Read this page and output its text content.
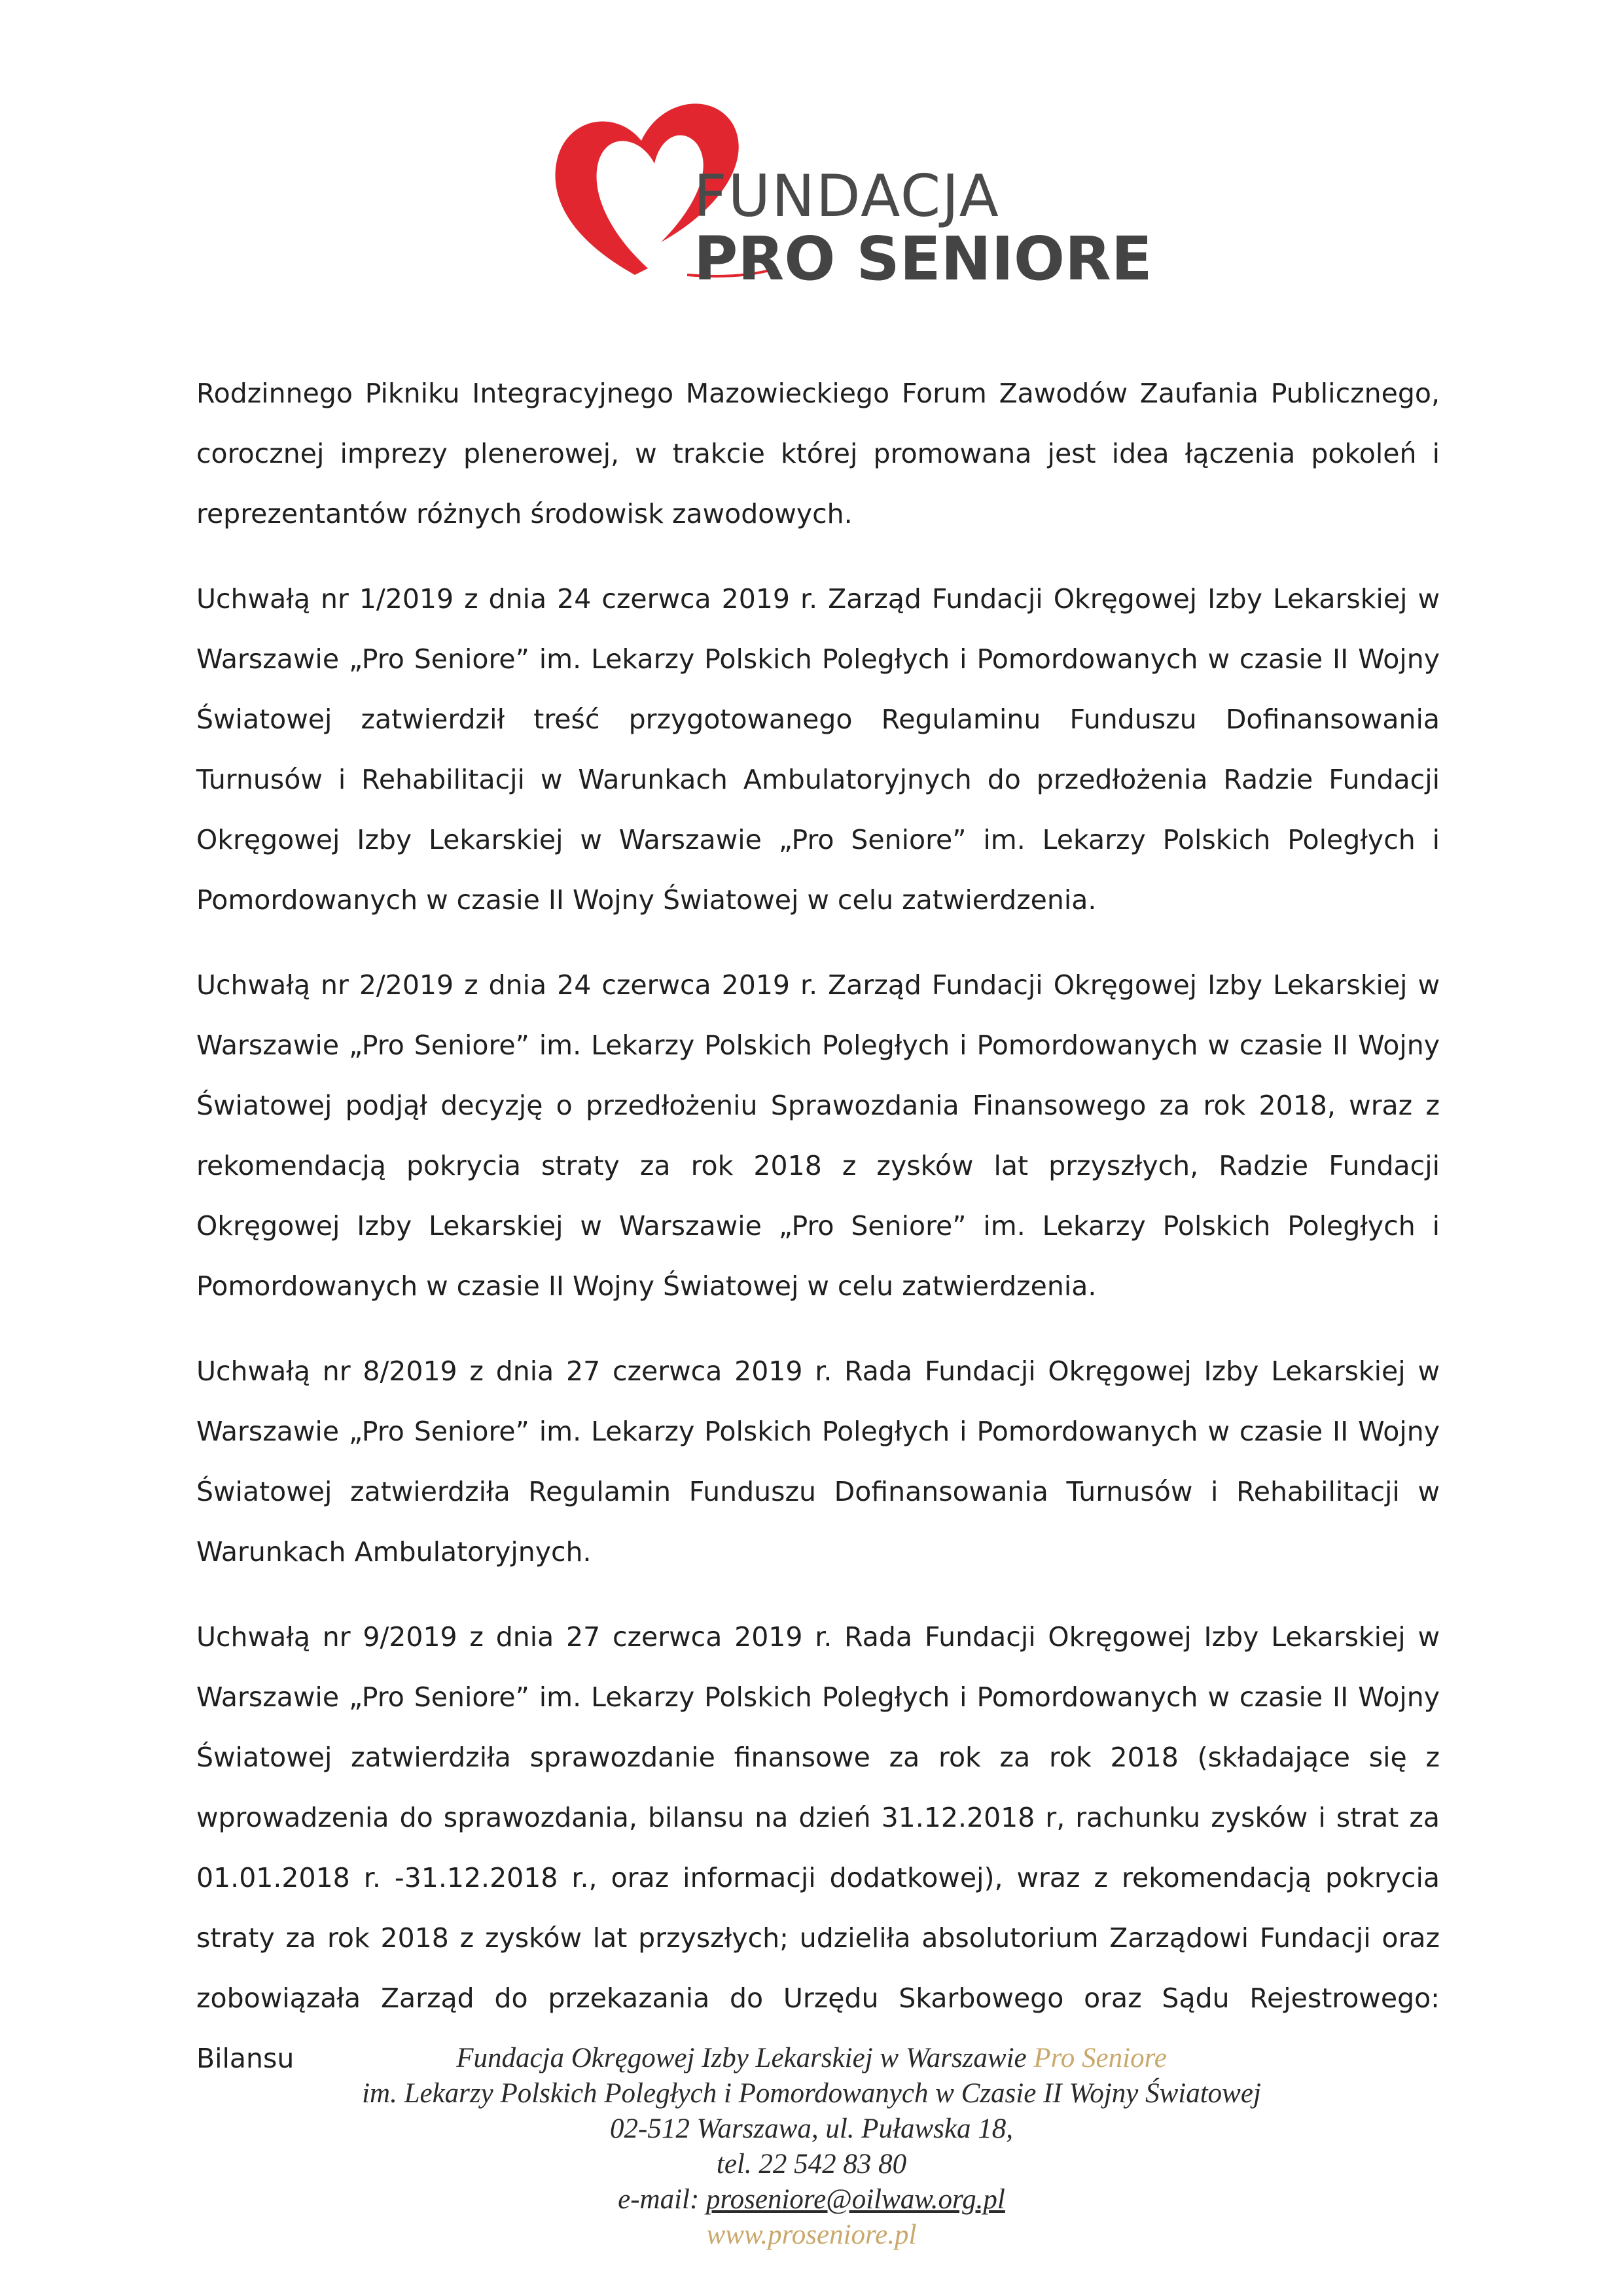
FUNDACJA
PRO SENIORE

Rodzinnego Pikniku Integracyjnego Mazowieckiego Forum Zawodów Zaufania Publicznego, corocznej imprezy plenerowej, w trakcie której promowana jest idea łączenia pokoleń i reprezentantów różnych środowisk zawodowych.

Uchwałą nr 1/2019 z dnia 24 czerwca 2019 r. Zarząd Fundacji Okręgowej Izby Lekarskiej w Warszawie „Pro Seniore” im. Lekarzy Polskich Poległych i Pomordowanych w czasie II Wojny Światowej zatwierdził treść przygotowanego Regulaminu Funduszu Dofinansowania Turnusów i Rehabilitacji w Warunkach Ambulatoryjnych do przedłożenia Radzie Fundacji Okręgowej Izby Lekarskiej w Warszawie „Pro Seniore” im. Lekarzy Polskich Poległych i Pomordowanych w czasie II Wojny Światowej w celu zatwierdzenia.

Uchwałą nr 2/2019 z dnia 24 czerwca 2019 r. Zarząd Fundacji Okręgowej Izby Lekarskiej w Warszawie „Pro Seniore” im. Lekarzy Polskich Poległych i Pomordowanych w czasie II Wojny Światowej podjął decyzję o przedłożeniu Sprawozdania Finansowego za rok 2018, wraz z rekomendacją pokrycia straty za rok 2018 z zysków lat przyszłych, Radzie Fundacji Okręgowej Izby Lekarskiej w Warszawie „Pro Seniore” im. Lekarzy Polskich Poległych i Pomordowanych w czasie II Wojny Światowej w celu zatwierdzenia.

Uchwałą nr 8/2019 z dnia 27 czerwca 2019 r. Rada Fundacji Okręgowej Izby Lekarskiej w Warszawie „Pro Seniore” im. Lekarzy Polskich Poległych i Pomordowanych w czasie II Wojny Światowej zatwierdziła Regulamin Funduszu Dofinansowania Turnusów i Rehabilitacji w Warunkach Ambulatoryjnych.

Uchwałą nr 9/2019 z dnia 27 czerwca 2019 r. Rada Fundacji Okręgowej Izby Lekarskiej w Warszawie „Pro Seniore” im. Lekarzy Polskich Poległych i Pomordowanych w czasie II Wojny Światowej zatwierdziła sprawozdanie finansowe za rok za rok 2018 (składające się z wprowadzenia do sprawozdania, bilansu na dzień 31.12.2018 r, rachunku zysków i strat za 01.01.2018 r. -31.12.2018 r., oraz informacji dodatkowej), wraz z rekomendacją pokrycia straty za rok 2018 z zysków lat przyszłych; udzieliła absolutorium Zarządowi Fundacji oraz zobowiązała Zarząd do przekazania do Urzędu Skarbowego oraz Sądu Rejestrowego: Bilansu	Fundacja Okręgowej Izby Lekarskiej w Warszawie Pro Seniore
im. Lekarzy Polskich Poległych i Pomordowanych w Czasie II Wojny Światowej
02-512 Warszawa, ul. Puławska 18,
tel. 22 542 83 80
e-mail: proseniore@oilwaw.org.pl
www.proseniore.pl
